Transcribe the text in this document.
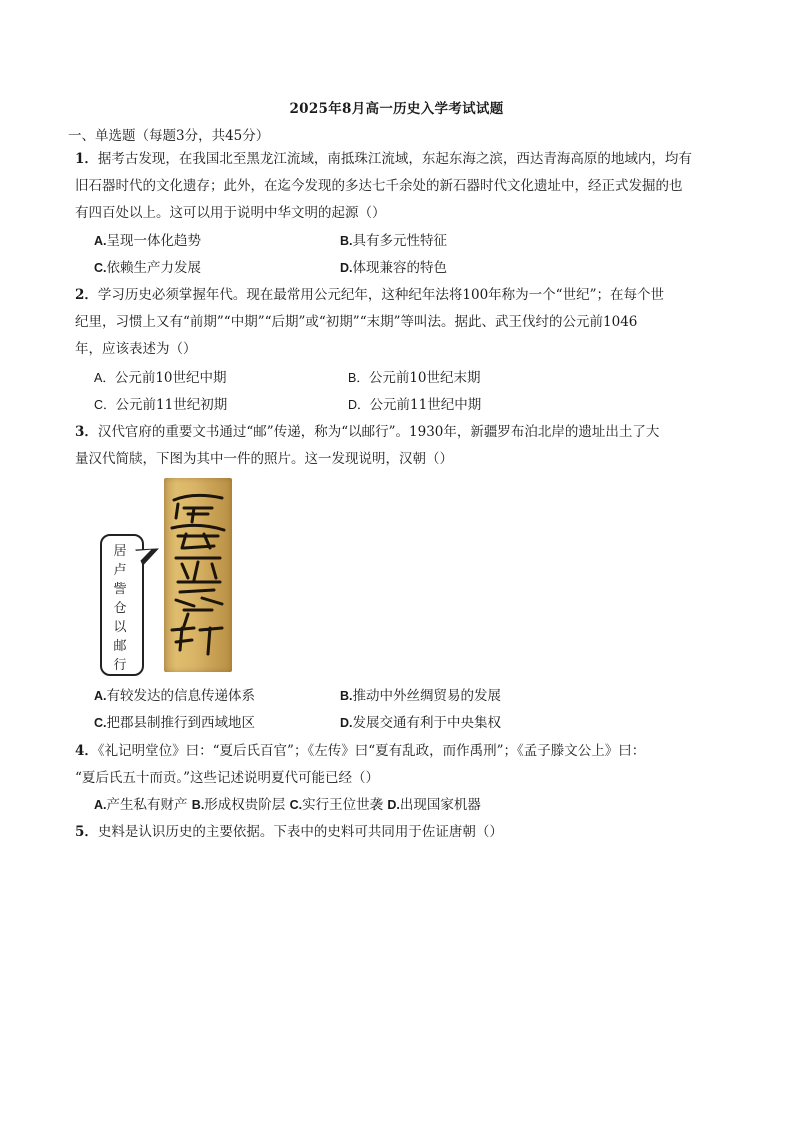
2025年8月高一历史入学考试试题
一、单选题（每题3分，共45分）
1．据考古发现，在我国北至黑龙江流域，南抵珠江流域，东起东海之滨，西达青海高原的地域内，均有
旧石器时代的文化遗存；此外，在迄今发现的多达七千余处的新石器时代文化遗址中，经正式发掘的也
有四百处以上。这可以用于说明中华文明的起源（）
A.呈现一体化趋势	B.具有多元性特征
C.依赖生产力发展	D.体现兼容的特色
2．学习历史必须掌握年代。现在最常用公元纪年，这种纪年法将100年称为一个“世纪”；在每个世
纪里，习惯上又有“前期”“中期”“后期”或“初期”“末期”等叫法。据此、武王伐纣的公元前1046
年，应该表述为（）
A．公元前10世纪中期	B．公元前10世纪末期
C．公元前11世纪初期	D．公元前11世纪中期
3．汉代官府的重要文书通过“邮”传递，称为“以邮行”。1930年，新疆罗布泊北岸的遗址出土了大
量汉代简牍，下图为其中一件的照片。这一发现说明，汉朝（）
居卢訾仓以邮行
A.有较发达的信息传递体系	B.推动中外丝绸贸易的发展
C.把郡县制推行到西域地区	D.发展交通有利于中央集权
4．《礼记明堂位》曰：“夏后氏百官”；《左传》曰“夏有乱政，而作禹刑”；《孟子滕文公上》曰：
“夏后氏五十而贡。”这些记述说明夏代可能已经（）
A.产生私有财产 B.形成权贵阶层 C.实行王位世袭 D.出现国家机器
5．史料是认识历史的主要依据。下表中的史料可共同用于佐证唐朝（）
